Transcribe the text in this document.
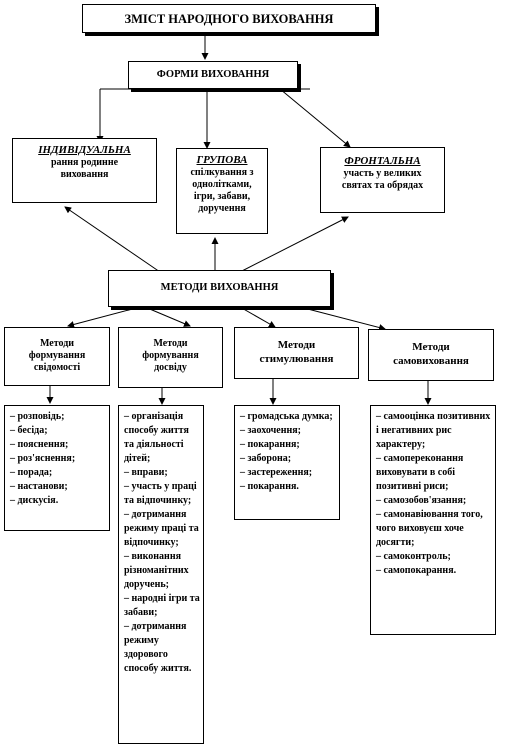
ЗМІСТ НАРОДНОГО ВИХОВАННЯ
ФОРМИ ВИХОВАННЯ
ІНДИВІДУАЛЬНА
рання родинне виховання
ГРУПОВА
спілкування з однолітками, ігри, забави, доручення
ФРОНТАЛЬНА
участь у великих святах та обрядах
МЕТОДИ ВИХОВАННЯ
Методи формування свідомості
Методи формування досвіду
Методи стимулювання
Методи самовиховання
– розповідь;
– бесіда;
– пояснення;
– роз'яснення;
– порада;
– настанови;
– дискусія.
– організація способу життя та діяльності дітей;
– вправи;
– участь у праці та відпочинку;
– дотримання режиму праці та відпочинку;
– виконання різноманітних доручень;
– народні ігри та забави;
– дотримання режиму здорового способу життя.
– громадська думка;
– заохочення;
– покарання;
– заборона;
– застереження;
– покарання.
– самооцінка позитивних і негативних рис характеру;
– самопереконання виховувати в собі позитивні риси;
– самозобов'язання;
– самонавіювання того, чого виховуєш хоче досягти;
– самоконтроль;
– самопокарання.
